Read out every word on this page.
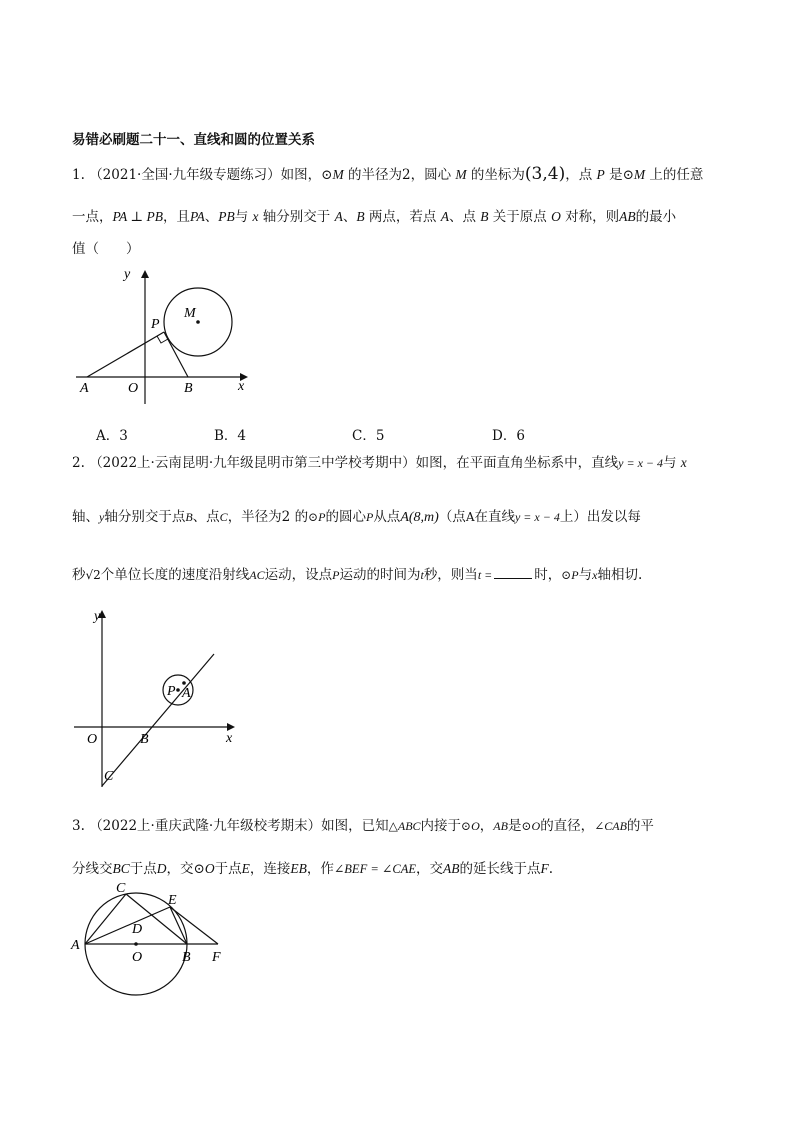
易错必刷题二十一、直线和圆的位置关系
1. （2021·全国·九年级专题练习）如图，⊙M 的半径为2，圆心 M 的坐标为(3,4)，点 P 是⊙M 上的任意
一点，PA ⊥ PB，且PA、PB与 x 轴分别交于 A、B 两点，若点 A、点 B 关于原点 O 对称，则AB的最小
值（　　）
M
P
y
x
A	O	B
A．3	B．4	C．5	D．6
2. （2022上·云南昆明·九年级昆明市第三中学校考期中）如图，在平面直角坐标系中，直线y = x − 4与 x
轴、y轴分别交于点B、点C，半径为2 的⊙P的圆心P从点A(8,m)（点A在直线y = x − 4上）出发以每
秒√2个单位长度的速度沿射线AC运动，设点P运动的时间为t秒，则当t =	时，⊙P与x轴相切.
y
x
P A
O	B
C
3. （2022上·重庆武隆·九年级校考期末）如图，已知△ABC内接于⊙O，AB是⊙O的直径，∠CAB的平
分线交BC于点D，交⊙O于点E，连接EB，作∠BEF = ∠CAE，交AB的延长线于点F.
C
E
A
D
O	B F
